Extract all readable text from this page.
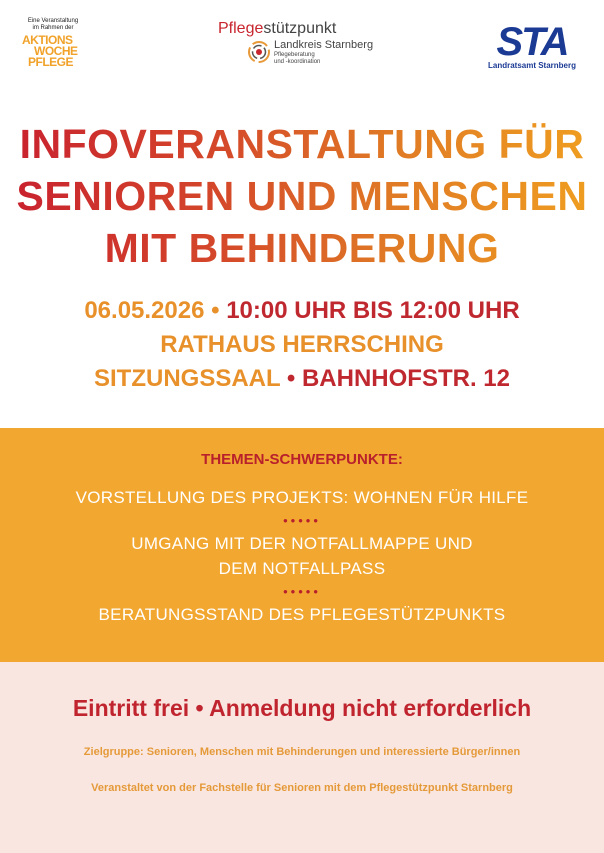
Eine Veranstaltung
im Rahmen der
AKTIONS
WOCHE
PFLEGE
Pflegestützpunkt
Landkreis Starnberg
Pflegeberatung
und -koordination	STA
Landratsamt Starnberg
INFOVERANSTALTUNG FÜR
SENIOREN UND MENSCHEN
MIT BEHINDERUNG
06.05.2026 • 10:00 UHR BIS 12:00 UHR
RATHAUS HERRSCHING
SITZUNGSSAAL • BAHNHOFSTR. 12
THEMEN-SCHWERPUNKTE:
VORSTELLUNG DES PROJEKTS: WOHNEN FÜR HILFE
•••••
UMGANG MIT DER NOTFALLMAPPE UND
DEM NOTFALLPASS
•••••
BERATUNGSSTAND DES PFLEGESTÜTZPUNKTS
Eintritt frei • Anmeldung nicht erforderlich
Zielgruppe: Senioren, Menschen mit Behinderungen und interessierte Bürger/innen
Veranstaltet von der Fachstelle für Senioren mit dem Pflegestützpunkt Starnberg
